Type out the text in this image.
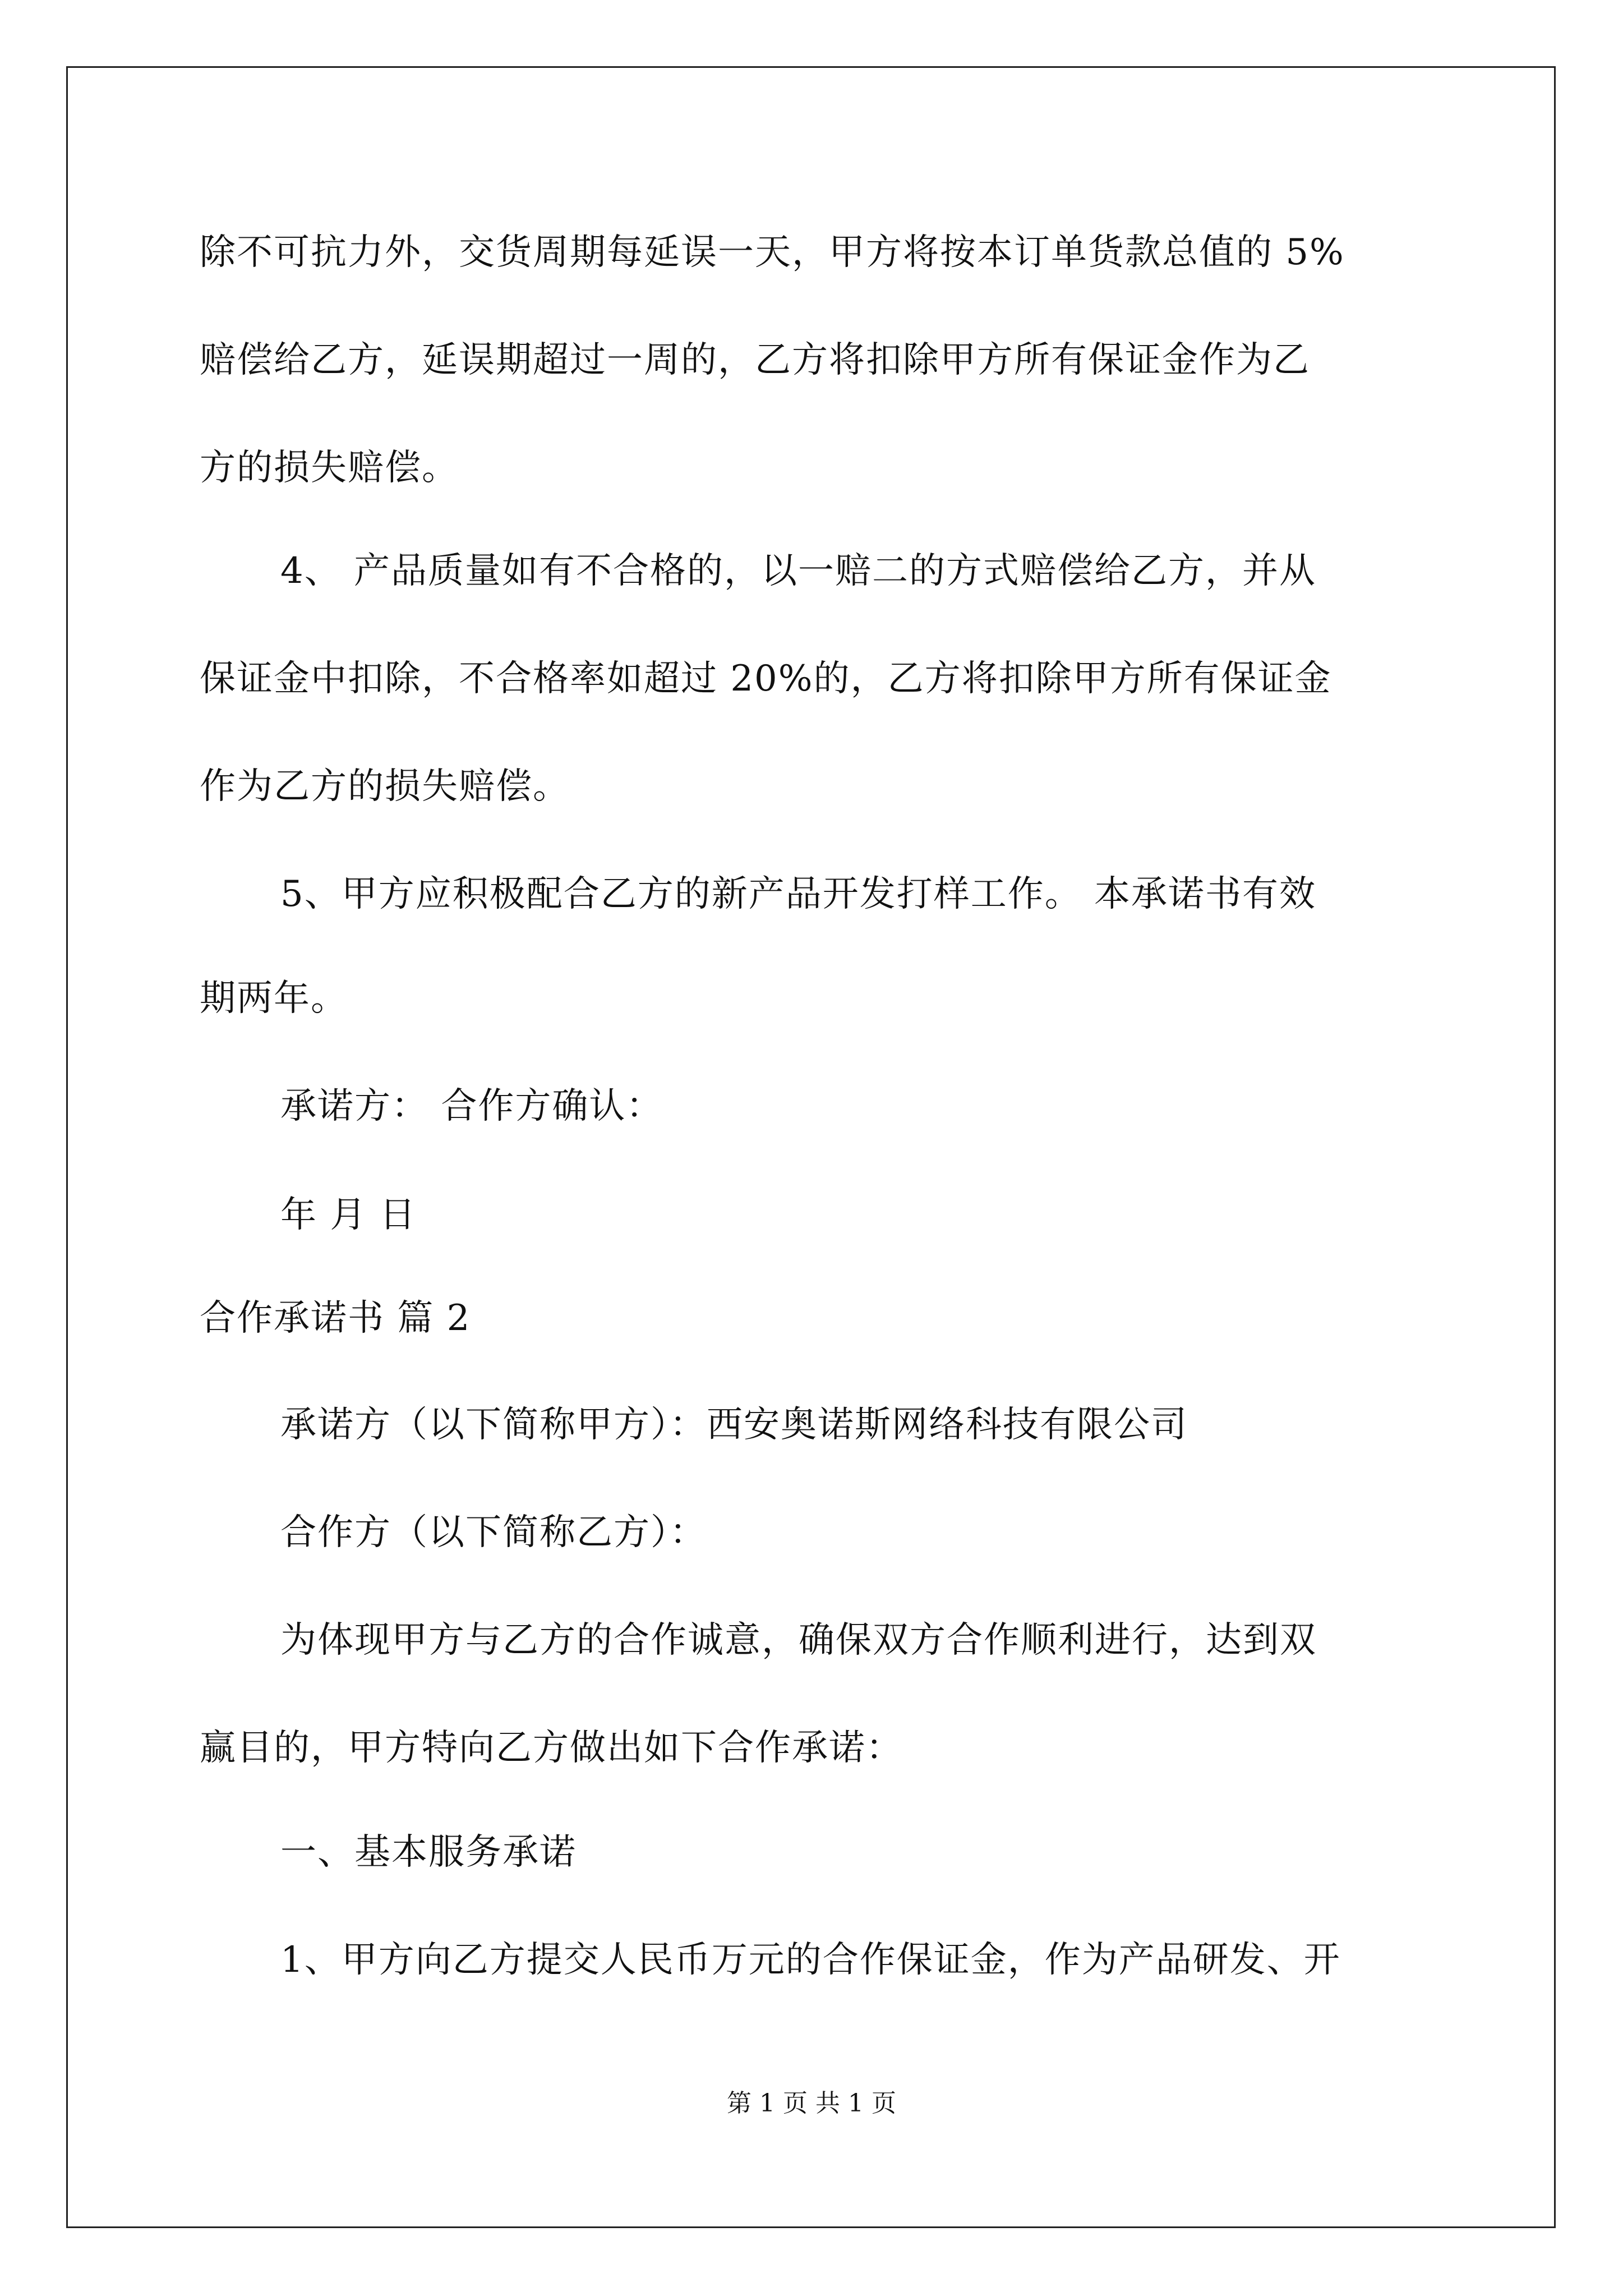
除不可抗力外，交货周期每延误一天，甲方将按本订单货款总值的 5%
赔偿给乙方，延误期超过一周的，乙方将扣除甲方所有保证金作为乙
方的损失赔偿。
4、 产品质量如有不合格的，以一赔二的方式赔偿给乙方，并从
保证金中扣除，不合格率如超过 20%的，乙方将扣除甲方所有保证金
作为乙方的损失赔偿。
5、甲方应积极配合乙方的新产品开发打样工作。 本承诺书有效
期两年。
承诺方： 合作方确认：
年 月 日
合作承诺书 篇 2
承诺方（以下简称甲方）：西安奥诺斯网络科技有限公司
合作方（以下简称乙方）：
为体现甲方与乙方的合作诚意，确保双方合作顺利进行，达到双
赢目的，甲方特向乙方做出如下合作承诺：
一、基本服务承诺
1、甲方向乙方提交人民币万元的合作保证金，作为产品研发、开
第 1 页 共 1 页
